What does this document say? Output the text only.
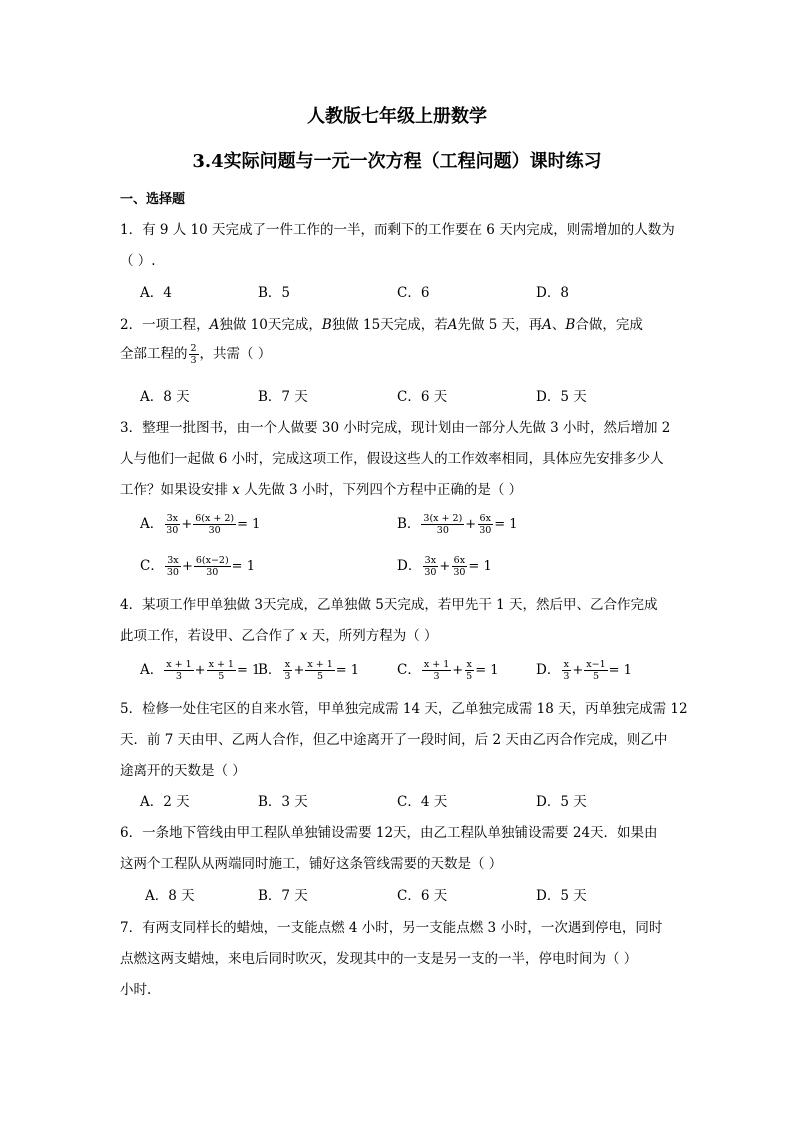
人教版七年级上册数学
3.4实际问题与一元一次方程（工程问题）课时练习
一、选择题
1．有 9 人 10 天完成了一件工作的一半，而剩下的工作要在 6 天内完成，则需增加的人数为
（ ）.
A．4	B．5	C．6	D．8
2．一项工程，A独做 10天完成，B独做 15天完成，若A先做 5 天，再A、B合做，完成
全部工程的 $\frac{2}{3}$ ，共需（ ）
A．8 天	B．7 天	C．6 天	D．5 天
3．整理一批图书，由一个人做要 30 小时完成，现计划由一部分人先做 3 小时，然后增加 2
人与他们一起做 6 小时，完成这项工作，假设这些人的工作效率相同，具体应先安排多少人
工作？如果设安排 x 人先做 3 小时，下列四个方程中正确的是（ ）
A． $\frac{3x}{30} + \frac{6(x + 2)}{30} = 1$	B． $\frac{3(x + 2)}{30} + \frac{6x}{30} = 1$
C． $\frac{3x}{30} + \frac{6(x-2)}{30} = 1$	D． $\frac{3x}{30} + \frac{6x}{30} = 1$
4．某项工作甲单独做 3天完成，乙单独做 5天完成，若甲先干 1 天，然后甲、乙合作完成
此项工作，若设甲、乙合作了 x 天，所列方程为（ ）
A． $\frac{x + 1}{3} + \frac{x + 1}{5} = 1$
B． $\frac{x}{3} + \frac{x + 1}{5} = 1$	C． $\frac{x + 1}{3} + \frac{x}{5} = 1$	D． $\frac{x}{3} + \frac{x-1}{5} = 1$
5．检修一处住宅区的自来水管，甲单独完成需 14 天，乙单独完成需 18 天，丙单独完成需 12
天．前 7 天由甲、乙两人合作，但乙中途离开了一段时间，后 2 天由乙丙合作完成，则乙中
途离开的天数是（ ）
A．2 天	B．3 天	C．4 天	D．5 天
6．一条地下管线由甲工程队单独铺设需要 12天，由乙工程队单独铺设需要 24天．如果由
这两个工程队从两端同时施工，铺好这条管线需要的天数是（ ）
A．8 天	B．7 天	C．6 天	D．5 天
7．有两支同样长的蜡烛，一支能点燃 4 小时，另一支能点燃 3 小时，一次遇到停电，同时
点燃这两支蜡烛，来电后同时吹灭，发现其中的一支是另一支的一半，停电时间为（ ）
小时.
